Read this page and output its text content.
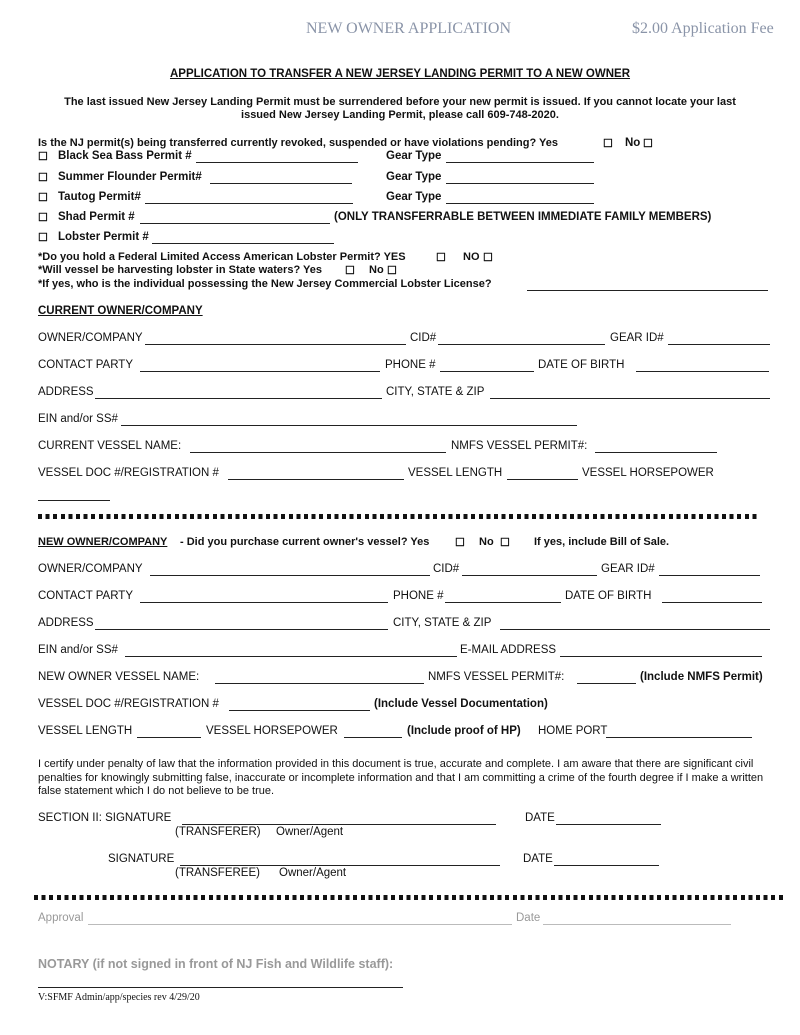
NEW OWNER APPLICATION	$2.00 Application Fee
APPLICATION TO TRANSFER A NEW JERSEY LANDING PERMIT TO A NEW OWNER
The last issued New Jersey Landing Permit must be surrendered before your new permit is issued. If you cannot locate your last
issued New Jersey Landing Permit, please call 609-748-2020.
Is the NJ permit(s) being transferred currently revoked, suspended or have violations pending? Yes	☐ No ☐
☐ Black Sea Bass Permit #	Gear Type
☐ Summer Flounder Permit#	Gear Type
☐ Tautog Permit#	Gear Type
☐ Shad Permit #	(ONLY TRANSFERRABLE BETWEEN IMMEDIATE FAMILY MEMBERS)
☐ Lobster Permit #
*Do you hold a Federal Limited Access American Lobster Permit? YES	☐ NO ☐
*Will vessel be harvesting lobster in State waters? Yes ☐ No ☐
*If yes, who is the individual possessing the New Jersey Commercial Lobster License?
CURRENT OWNER/COMPANY
OWNER/COMPANY	CID#	GEAR ID#
CONTACT PARTY	PHONE #	DATE OF BIRTH
ADDRESS	CITY, STATE & ZIP
EIN and/or SS#
CURRENT VESSEL NAME:	NMFS VESSEL PERMIT#:
VESSEL DOC #/REGISTRATION #	VESSEL LENGTH	VESSEL HORSEPOWER
NEW OWNER/COMPANY - Did you purchase current owner's vessel? Yes ☐ No ☐ If yes, include Bill of Sale.
OWNER/COMPANY	CID#	GEAR ID#
CONTACT PARTY	PHONE #	DATE OF BIRTH
ADDRESS	CITY, STATE & ZIP
EIN and/or SS#	E-MAIL ADDRESS
NEW OWNER VESSEL NAME:	NMFS VESSEL PERMIT#:	(Include NMFS Permit)
VESSEL DOC #/REGISTRATION #	(Include Vessel Documentation)
VESSEL LENGTH	VESSEL HORSEPOWER	(Include proof of HP) HOME PORT
I certify under penalty of law that the information provided in this document is true, accurate and complete. I am aware that there are significant civil penalties for knowingly submitting false, inaccurate or incomplete information and that I am committing a crime of the fourth degree if I make a written false statement which I do not believe to be true.
SECTION II: SIGNATURE	DATE
(TRANSFERER) Owner/Agent
SIGNATURE	DATE
(TRANSFEREE) Owner/Agent
Approval	Date
NOTARY (if not signed in front of NJ Fish and Wildlife staff):
V:SFMF Admin/app/species rev 4/29/20
